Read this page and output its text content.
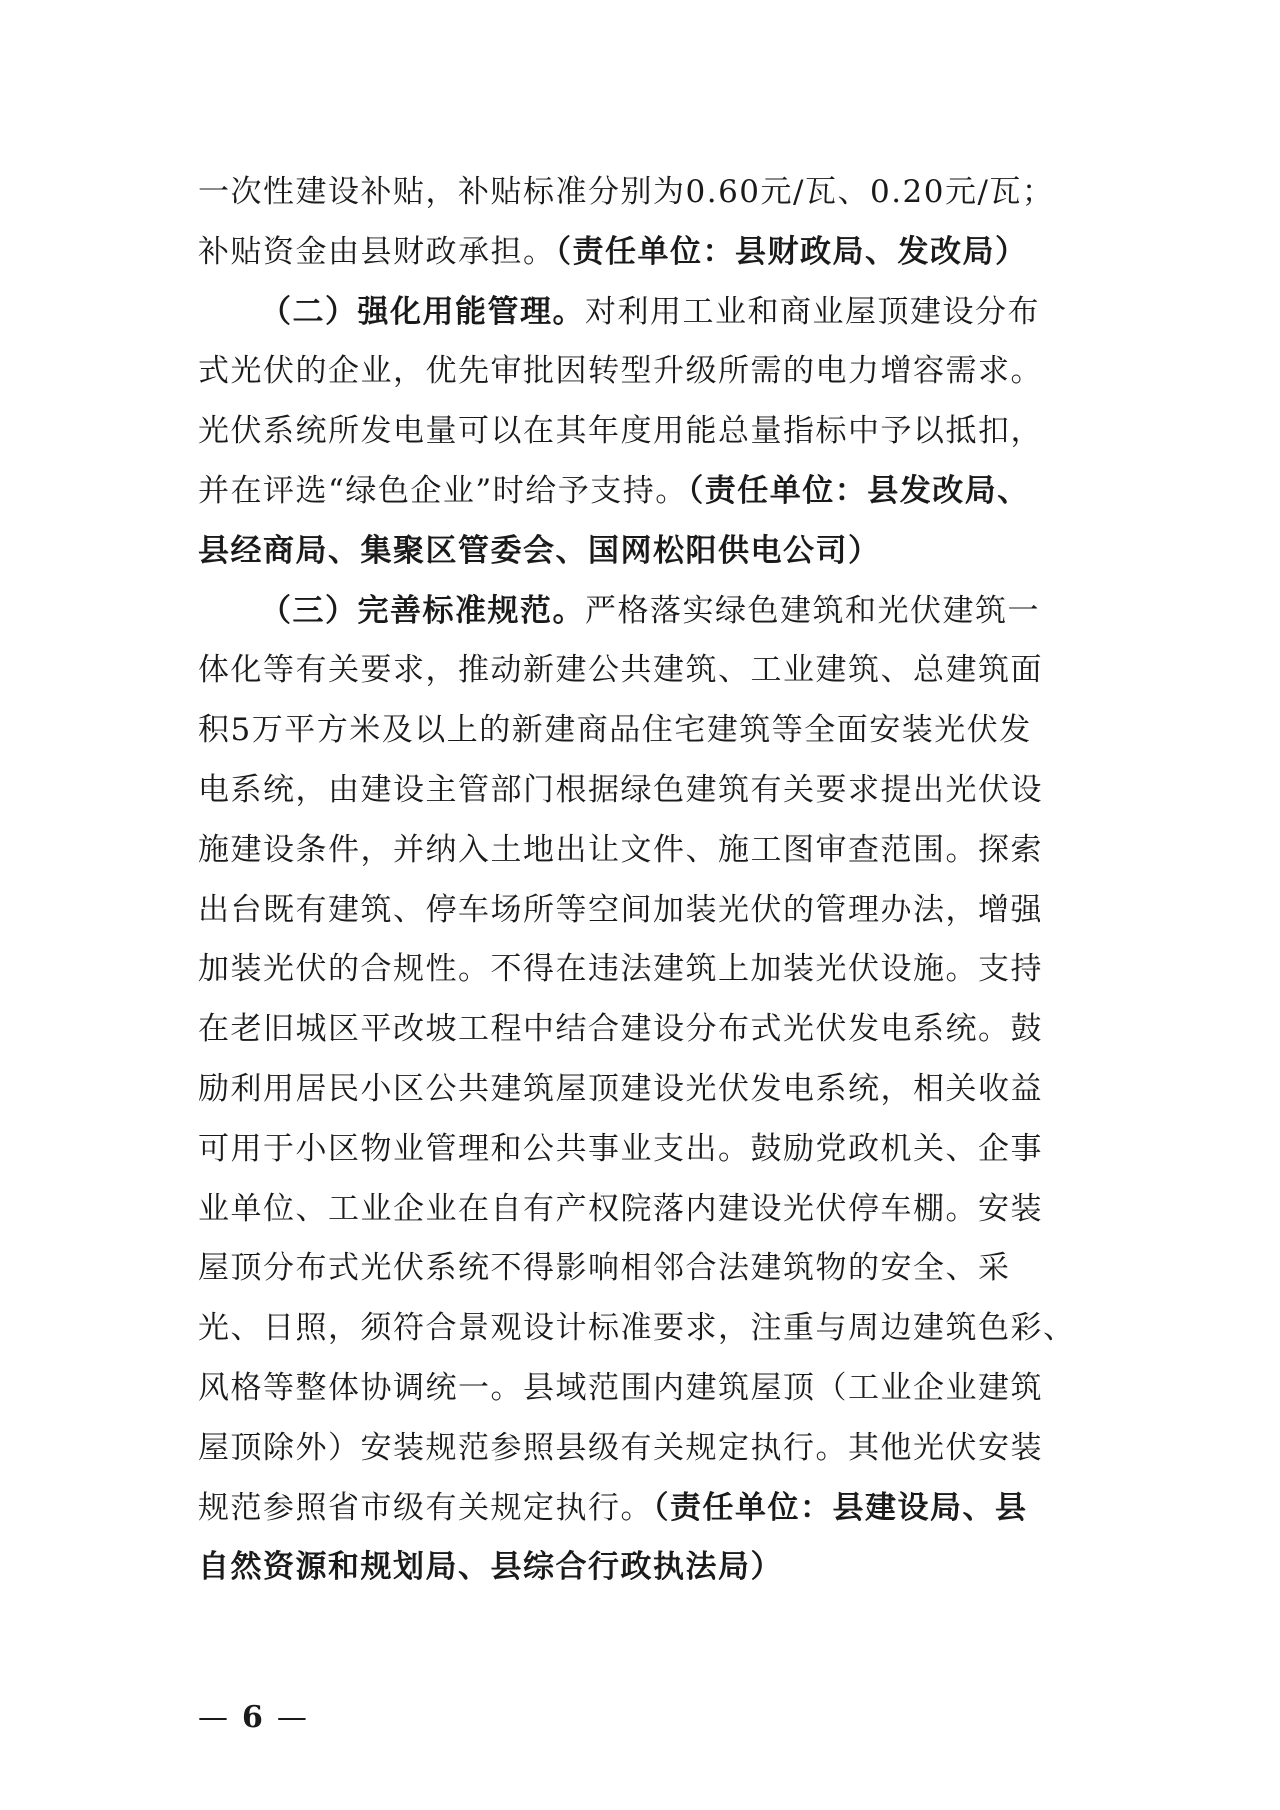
一次性建设补贴，补贴标准分别为0.60元/瓦、0.20元/瓦；
补贴资金由县财政承担。（责任单位：县财政局、发改局）
（二）强化用能管理。对利用工业和商业屋顶建设分布
式光伏的企业，优先审批因转型升级所需的电力增容需求。
光伏系统所发电量可以在其年度用能总量指标中予以抵扣，
并在评选“绿色企业”时给予支持。（责任单位：县发改局、
县经商局、集聚区管委会、国网松阳供电公司）
（三）完善标准规范。严格落实绿色建筑和光伏建筑一
体化等有关要求，推动新建公共建筑、工业建筑、总建筑面
积5万平方米及以上的新建商品住宅建筑等全面安装光伏发
电系统，由建设主管部门根据绿色建筑有关要求提出光伏设
施建设条件，并纳入土地出让文件、施工图审查范围。探索
出台既有建筑、停车场所等空间加装光伏的管理办法，增强
加装光伏的合规性。不得在违法建筑上加装光伏设施。支持
在老旧城区平改坡工程中结合建设分布式光伏发电系统。鼓
励利用居民小区公共建筑屋顶建设光伏发电系统，相关收益
可用于小区物业管理和公共事业支出。鼓励党政机关、企事
业单位、工业企业在自有产权院落内建设光伏停车棚。安装
屋顶分布式光伏系统不得影响相邻合法建筑物的安全、采
光、日照，须符合景观设计标准要求，注重与周边建筑色彩、
风格等整体协调统一。县域范围内建筑屋顶（工业企业建筑
屋顶除外）安装规范参照县级有关规定执行。其他光伏安装
规范参照省市级有关规定执行。（责任单位：县建设局、县
自然资源和规划局、县综合行政执法局）
— 6 —
